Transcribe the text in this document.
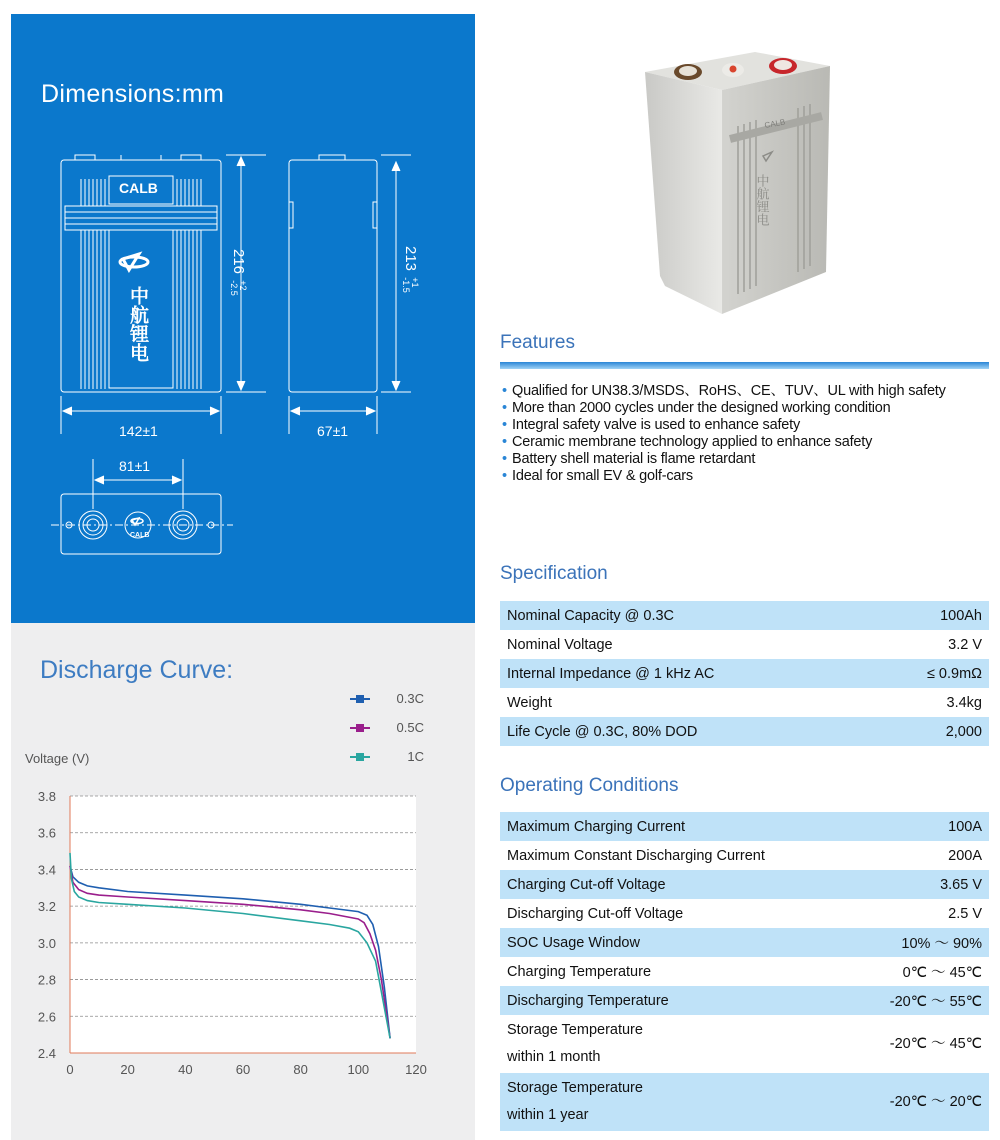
Dimensions:mm
CALB
中航锂电
CALB
216
+2
-2.5
213
+1
-1.5
142±1	67±1
81±1
Discharge Curve:
0.3C
0.5C
1C
Voltage (V)
2.4
2.6
2.8
3.0
3.2
3.4
3.6
3.8
0	20	40	60	80	100	120
CALB
中航锂电
Features
• Qualified for UN38.3/MSDS、RoHS、CE、TUV、UL with high safety
• More than 2000 cycles under the designed working condition
• Integral safety valve is used to enhance safety
• Ceramic membrane technology applied to enhance safety
• Battery shell material is flame retardant
• Ideal for small EV & golf-cars
Specification
Nominal Capacity @ 0.3C	100Ah
Nominal Voltage	3.2 V
Internal Impedance @ 1 kHz AC	≤ 0.9mΩ
Weight	3.4kg
Life Cycle @ 0.3C, 80% DOD	2,000
Operating Conditions
Maximum Charging Current	100A
Maximum Constant Discharging Current	200A
Charging Cut-off Voltage	3.65 V
Discharging Cut-off Voltage	2.5 V
SOC Usage Window	10% ～ 90%
Charging Temperature	0℃ ～ 45℃
Discharging Temperature	-20℃ ～ 55℃
Storage Temperature
within 1 month	-20℃ ～ 45℃
Storage Temperature
within 1 year	-20℃ ～ 20℃
